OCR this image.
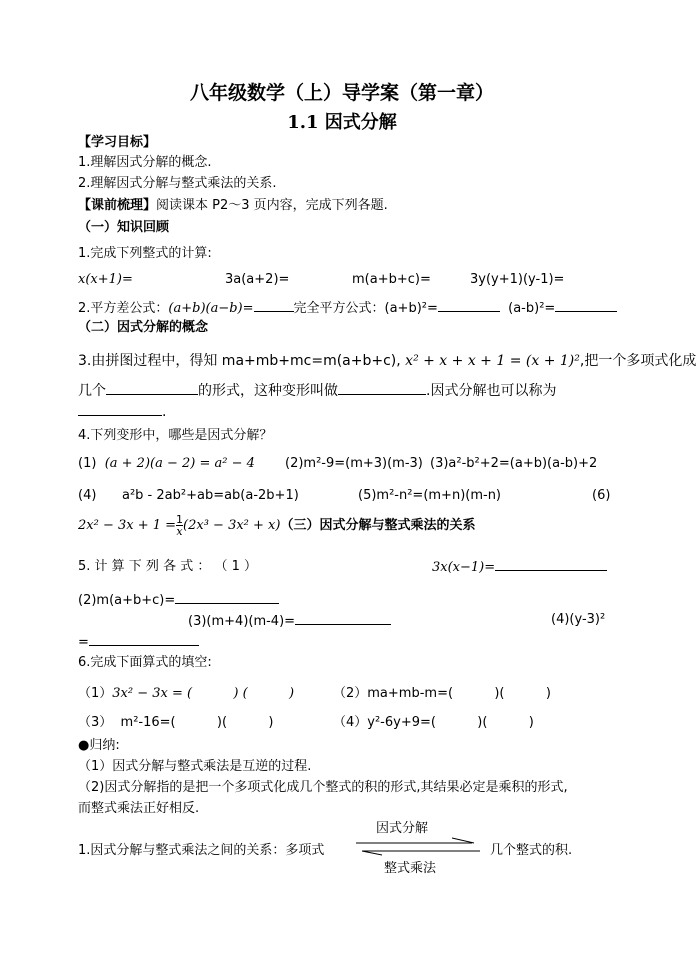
八年级数学（上）导学案（第一章）
1.1 因式分解
【学习目标】
1.理解因式分解的概念.
2.理解因式分解与整式乘法的关系.
【课前梳理】阅读课本 P2～3 页内容，完成下列各题.
（一）知识回顾
1.完成下列整式的计算:
x(x+1)=	3a(a+2)=	m(a+b+c)=	3y(y+1)(y-1)=
2.平方差公式：(a+b)(a−b)=	完全平方公式：(a+b)²=	(a-b)²=
（二）因式分解的概念
3.由拼图过程中，得知 ma+mb+mc=m(a+b+c), x² + x + x + 1 = (x + 1)²,把一个多项式化成
几个	的形式，这种变形叫做	.因式分解也可以称为
.
4.下列变形中，哪些是因式分解？
(1) (a + 2)(a − 2) = a² − 4 (2)m²-9=(m+3)(m-3) (3)a²-b²+2=(a+b)(a-b)+2
(4) a²b - 2ab²+ab=ab(a-2b+1)	(5)m²-n²=(m+n)(m-n)	(6)
$2x^2 - 3x + 1 = \frac{1}{x} (2x^3 - 3x^2 + x)$（三）因式分解与整式乘法的关系
5. 计 算 下 列 各 式 ： （ 1 ）	3x(x−1)=
(2)m(a+b+c)=
(3)(m+4)(m-4)=	(4)(y-3)²
=
6.完成下面算式的填空:
（1）3x² − 3x = (          ) (          )	（2）ma+mb-m=(          )(          )
（3）  m²-16=(          )(          )	（4）y²-6y+9=(          )(          )
●归纳:
（1）因式分解与整式乘法是互逆的过程.
（2)因式分解指的是把一个多项式化成几个整式的积的形式,其结果必定是乘积的形式,
而整式乘法正好相反.
1.因式分解与整式乘法之间的关系：多项式
因式分解
几个整式的积.
整式乘法
